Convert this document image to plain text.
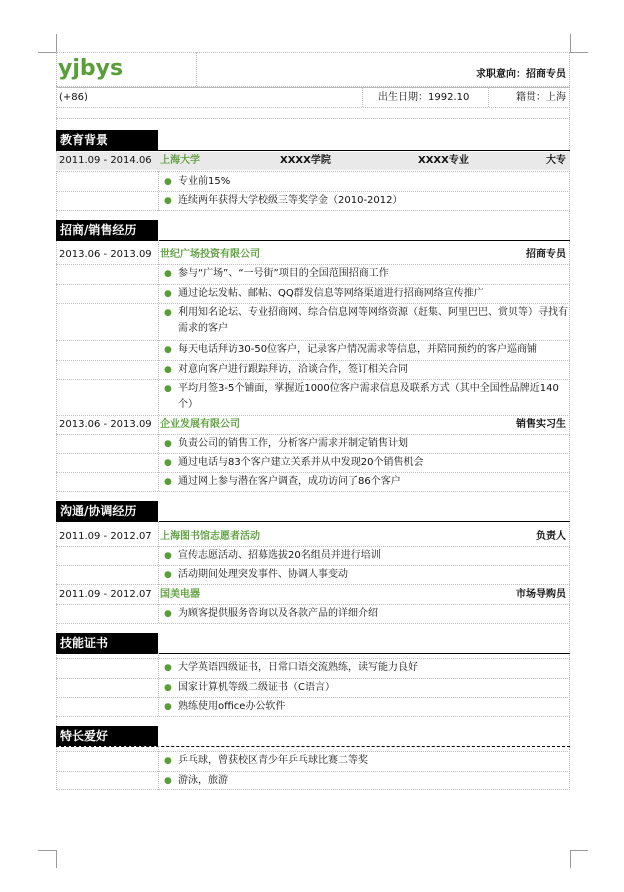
yjbys	求职意向：招商专员
(+86)	出生日期：1992.10	籍贯：上海
教育背景
2011.09 - 2014.06 上海大学	XXXX学院	XXXX专业	大专
● 专业前15%
● 连续两年获得大学校级三等奖学金（2010-2012）
招商/销售经历
2013.06 - 2013.09 世纪广场投资有限公司	招商专员
● 参与“广场”、“一号街”项目的全国范围招商工作
● 通过论坛发帖、邮帖、QQ群发信息等网络渠道进行招商网络宣传推广
● 利用知名论坛、专业招商网、综合信息网等网络资源（赶集、阿里巴巴、赏贝等）寻找有需求的客户
● 每天电话拜访30-50位客户，记录客户情况需求等信息，并陪同预约的客户巡商铺
● 对意向客户进行跟踪拜访，洽谈合作，签订相关合同
● 平均月签3-5个铺面，掌握近1000位客户需求信息及联系方式（其中全国性品牌近140个）
2013.06 - 2013.09 企业发展有限公司	销售实习生
● 负责公司的销售工作，分析客户需求并制定销售计划
● 通过电话与83个客户建立关系并从中发现20个销售机会
● 通过网上参与潜在客户调查，成功访问了86个客户
沟通/协调经历
2011.09 - 2012.07 上海图书馆志愿者活动	负责人
● 宣传志愿活动、招募选拔20名组员并进行培训
● 活动期间处理突发事件、协调人事变动
2011.09 - 2012.07 国美电器	市场导购员
● 为顾客提供服务咨询以及各款产品的详细介绍
技能证书
● 大学英语四级证书，日常口语交流熟练，读写能力良好
● 国家计算机等级二级证书（C语言）
● 熟练使用office办公软件
特长爱好
● 乒乓球，曾获校区青少年乒乓球比赛二等奖
● 游泳，旅游
